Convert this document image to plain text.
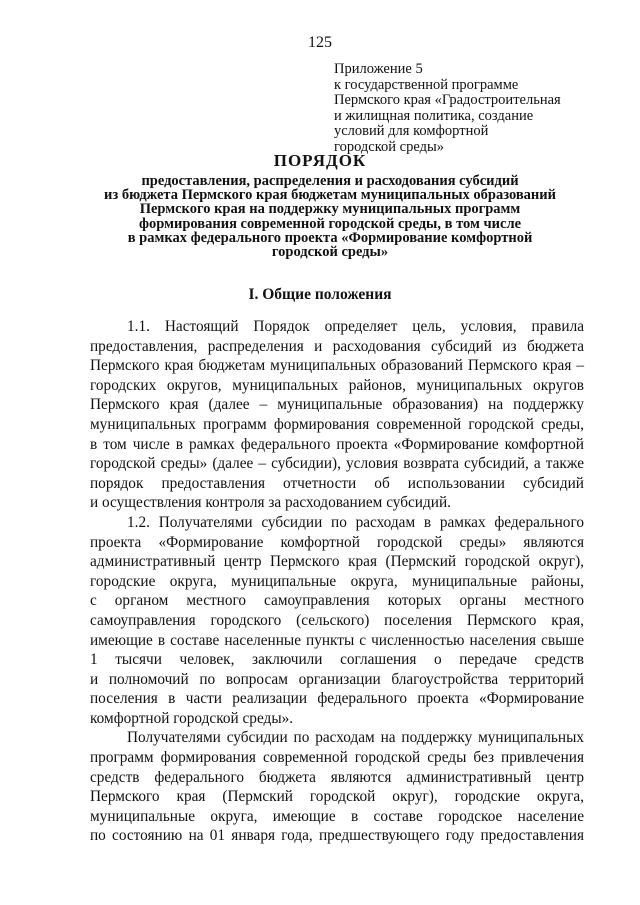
125
Приложение 5
к государственной программе
Пермского края «Градостроительная
и жилищная политика, создание
условий для комфортной
городской среды»
ПОРЯДОК
предоставления, распределения и расходования субсидий
из бюджета Пермского края бюджетам муниципальных образований
Пермского края на поддержку муниципальных программ
формирования современной городской среды, в том числе
в рамках федерального проекта «Формирование комфортной
городской среды»
I. Общие положения
1.1. Настоящий Порядок определяет цель, условия, правила
предоставления, распределения и расходования субсидий из бюджета
Пермского края бюджетам муниципальных образований Пермского края –
городских округов, муниципальных районов, муниципальных округов
Пермского края (далее – муниципальные образования) на поддержку
муниципальных программ формирования современной городской среды,
в том числе в рамках федерального проекта «Формирование комфортной
городской среды» (далее – субсидии), условия возврата субсидий, а также
порядок предоставления отчетности об использовании субсидий
и осуществления контроля за расходованием субсидий.
1.2. Получателями субсидии по расходам в рамках федерального
проекта «Формирование комфортной городской среды» являются
административный центр Пермского края (Пермский городской округ),
городские округа, муниципальные округа, муниципальные районы,
с органом местного самоуправления которых органы местного
самоуправления городского (сельского) поселения Пермского края,
имеющие в составе населенные пункты с численностью населения свыше
1 тысячи человек, заключили соглашения о передаче средств
и полномочий по вопросам организации благоустройства территорий
поселения в части реализации федерального проекта «Формирование
комфортной городской среды».
Получателями субсидии по расходам на поддержку муниципальных
программ формирования современной городской среды без привлечения
средств федерального бюджета являются административный центр
Пермского края (Пермский городской округ), городские округа,
муниципальные округа, имеющие в составе городское население
по состоянию на 01 января года, предшествующего году предоставления
